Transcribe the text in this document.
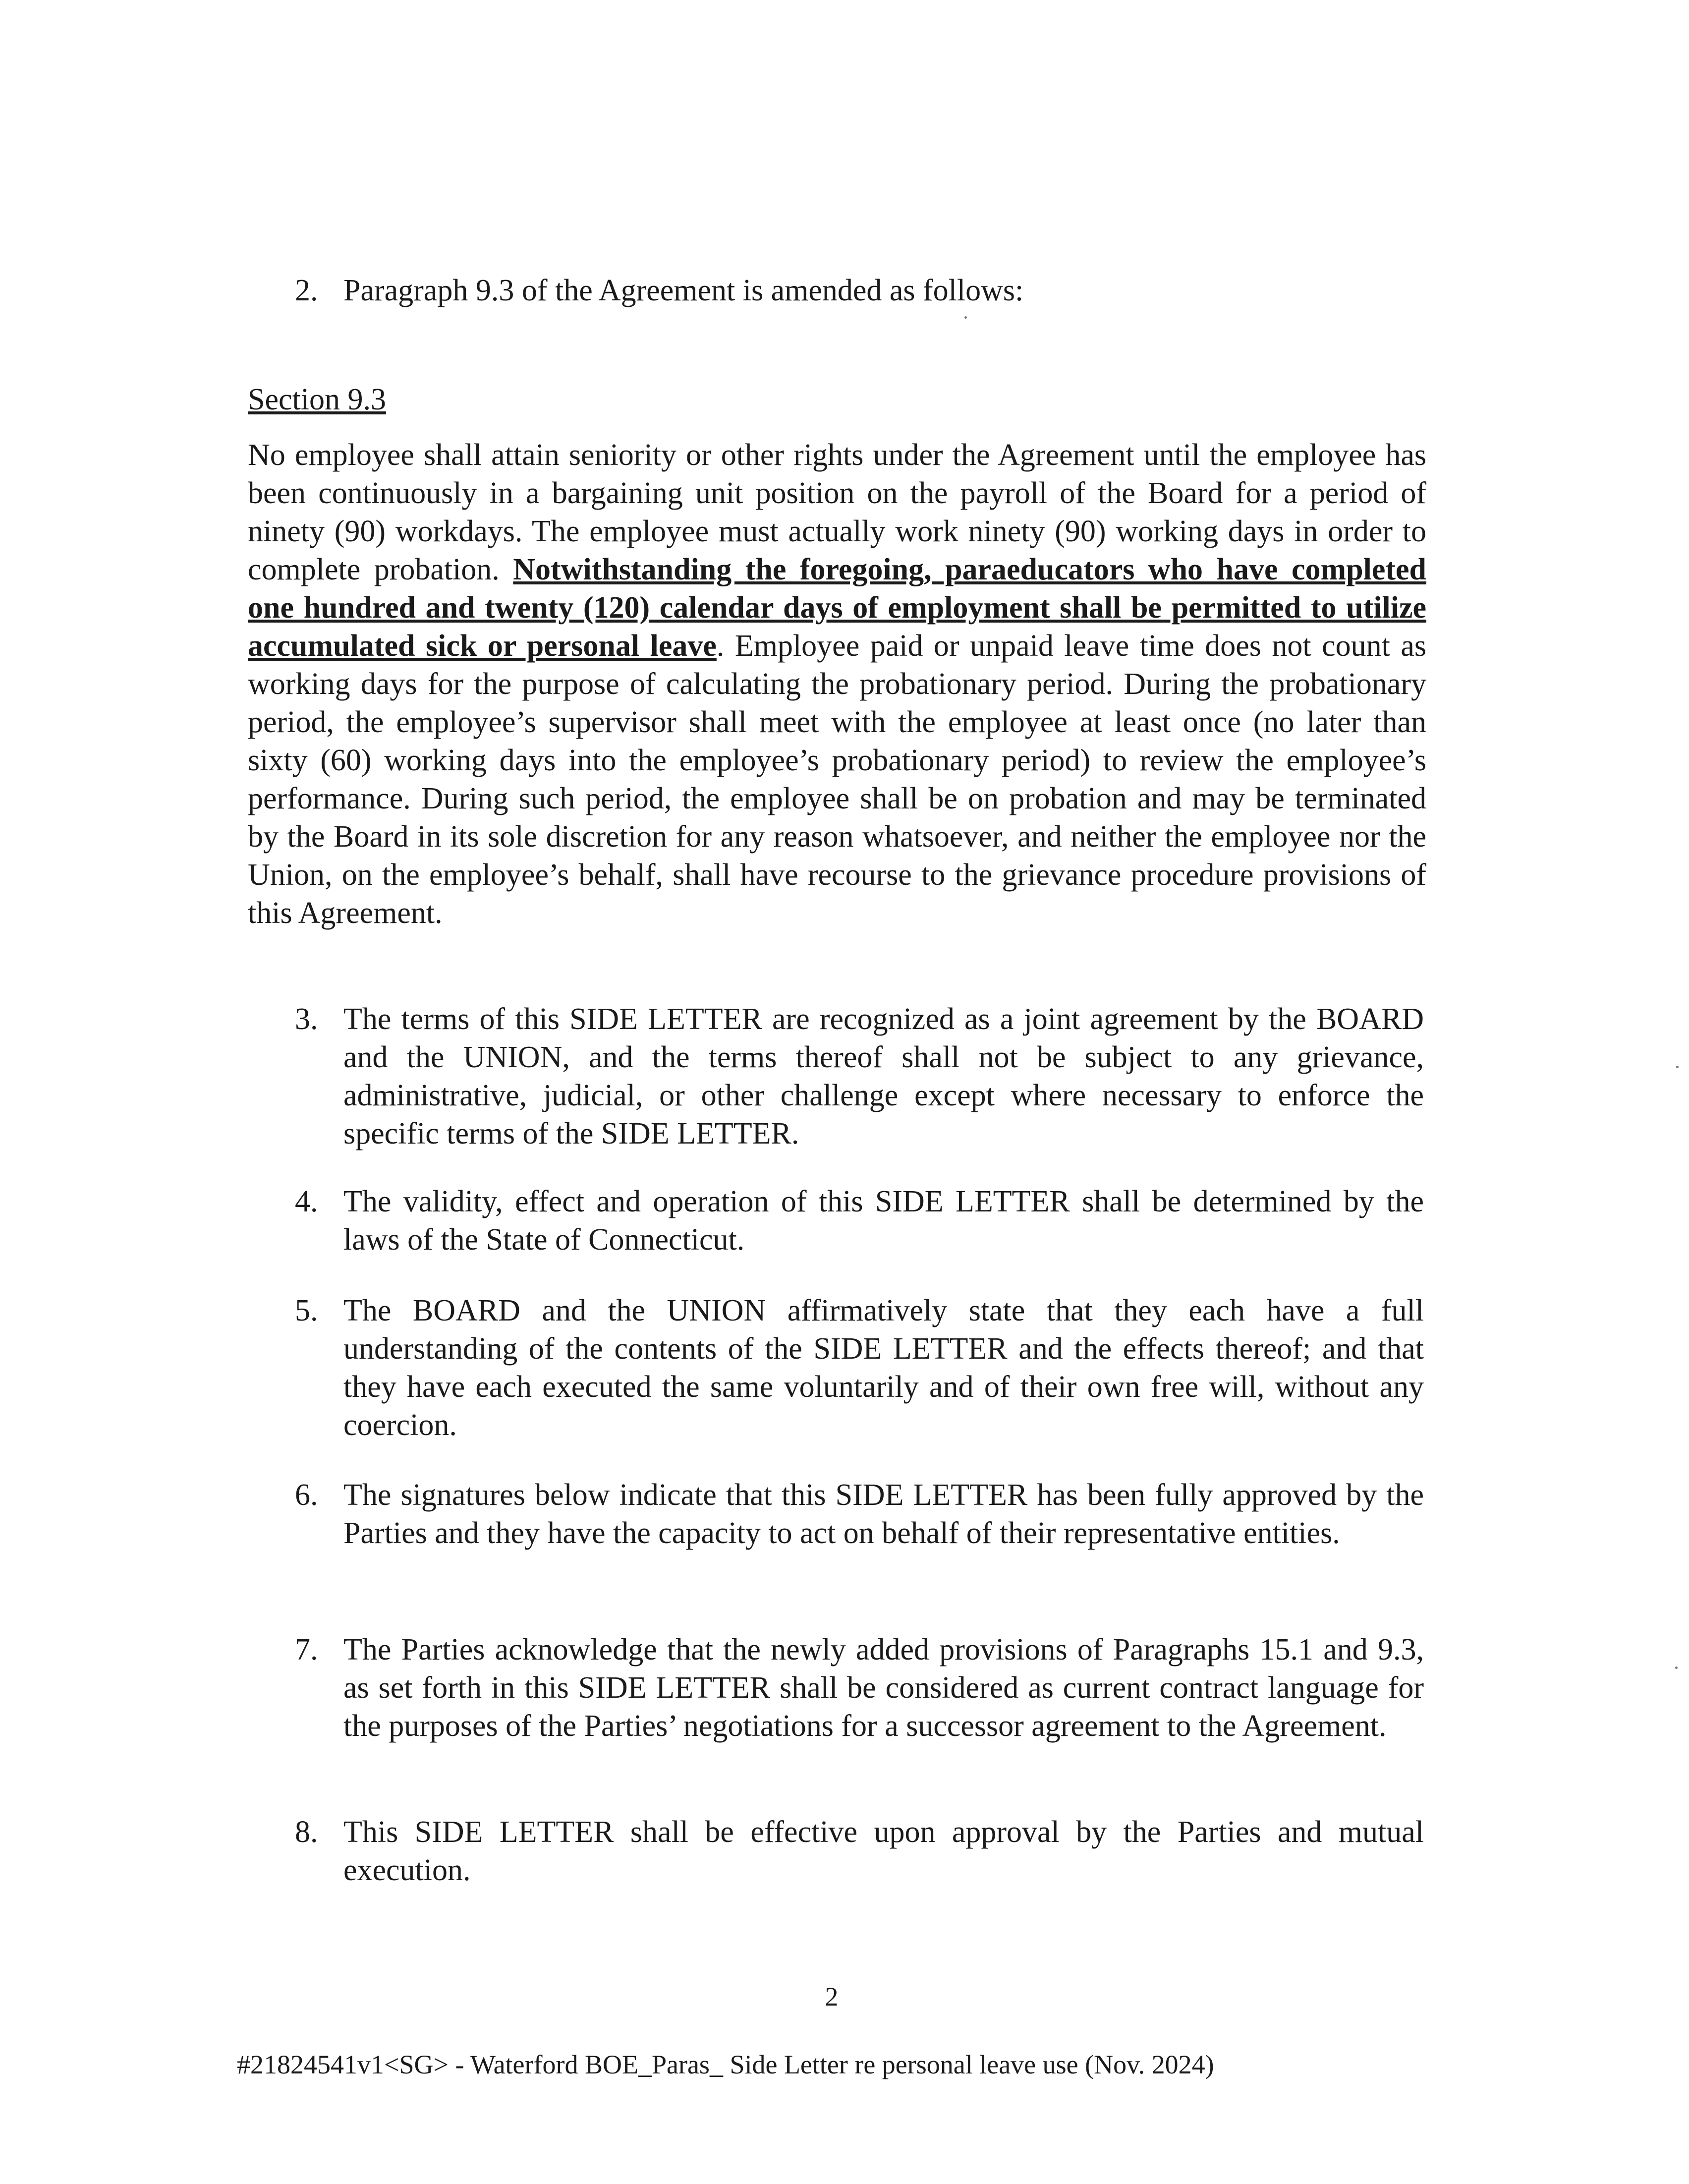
2. Paragraph 9.3 of the Agreement is amended as follows:
Section 9.3
No employee shall attain seniority or other rights under the Agreement until the employee has been continuously in a bargaining unit position on the payroll of the Board for a period of ninety (90) workdays. The employee must actually work ninety (90) working days in order to complete probation. Notwithstanding the foregoing, paraeducators who have completed one hundred and twenty (120) calendar days of employment shall be permitted to utilize accumulated sick or personal leave. Employee paid or unpaid leave time does not count as working days for the purpose of calculating the probationary period. During the probationary period, the employee’s supervisor shall meet with the employee at least once (no later than sixty (60) working days into the employee’s probationary period) to review the employee’s performance. During such period, the employee shall be on probation and may be terminated by the Board in its sole discretion for any reason whatsoever, and neither the employee nor the Union, on the employee’s behalf, shall have recourse to the grievance procedure provisions of this Agreement.
3. The terms of this SIDE LETTER are recognized as a joint agreement by the BOARD and the UNION, and the terms thereof shall not be subject to any grievance, administrative, judicial, or other challenge except where necessary to enforce the specific terms of the SIDE LETTER.
4. The validity, effect and operation of this SIDE LETTER shall be determined by the laws of the State of Connecticut.
5. The BOARD and the UNION affirmatively state that they each have a full understanding of the contents of the SIDE LETTER and the effects thereof; and that they have each executed the same voluntarily and of their own free will, without any coercion.
6. The signatures below indicate that this SIDE LETTER has been fully approved by the Parties and they have the capacity to act on behalf of their representative entities.
7. The Parties acknowledge that the newly added provisions of Paragraphs 15.1 and 9.3, as set forth in this SIDE LETTER shall be considered as current contract language for the purposes of the Parties’ negotiations for a successor agreement to the Agreement.
8. This SIDE LETTER shall be effective upon approval by the Parties and mutual execution.
2
#21824541v1<SG> - Waterford BOE_Paras_ Side Letter re personal leave use (Nov. 2024)
